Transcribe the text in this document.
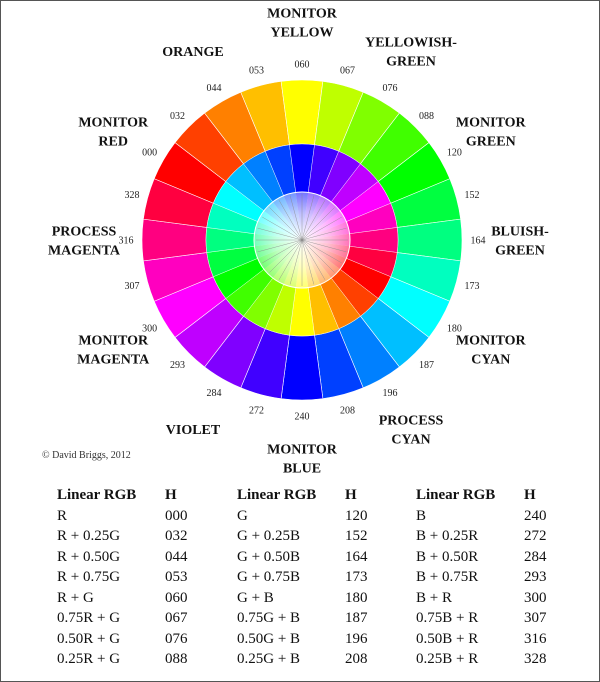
000
032
044
053
060
067
076
088
120
152
164
173
180
187
196
208
240
272
284
293
300
307
316
328
MONITOR
YELLOW
YELLOWISH-
GREEN
MONITOR
GREEN
BLUISH-
GREEN
MONITOR
CYAN
PROCESS
CYAN
MONITOR
BLUE
VIOLET
MONITOR
MAGENTA
PROCESS
MAGENTA
MONITOR
RED
ORANGE
© David Briggs, 2012
Linear RGB	H
R	000
R + 0.25G	032
R + 0.50G	044
R + 0.75G	053
R + G	060
0.75R + G	067
0.50R + G	076
0.25R + G	088
Linear RGB	H
G	120
G + 0.25B	152
G + 0.50B	164
G + 0.75B	173
G + B	180
0.75G + B	187
0.50G + B	196
0.25G + B	208
Linear RGB	H
B	240
B + 0.25R	272
B + 0.50R	284
B + 0.75R	293
B + R	300
0.75B + R	307
0.50B + R	316
0.25B + R	328
